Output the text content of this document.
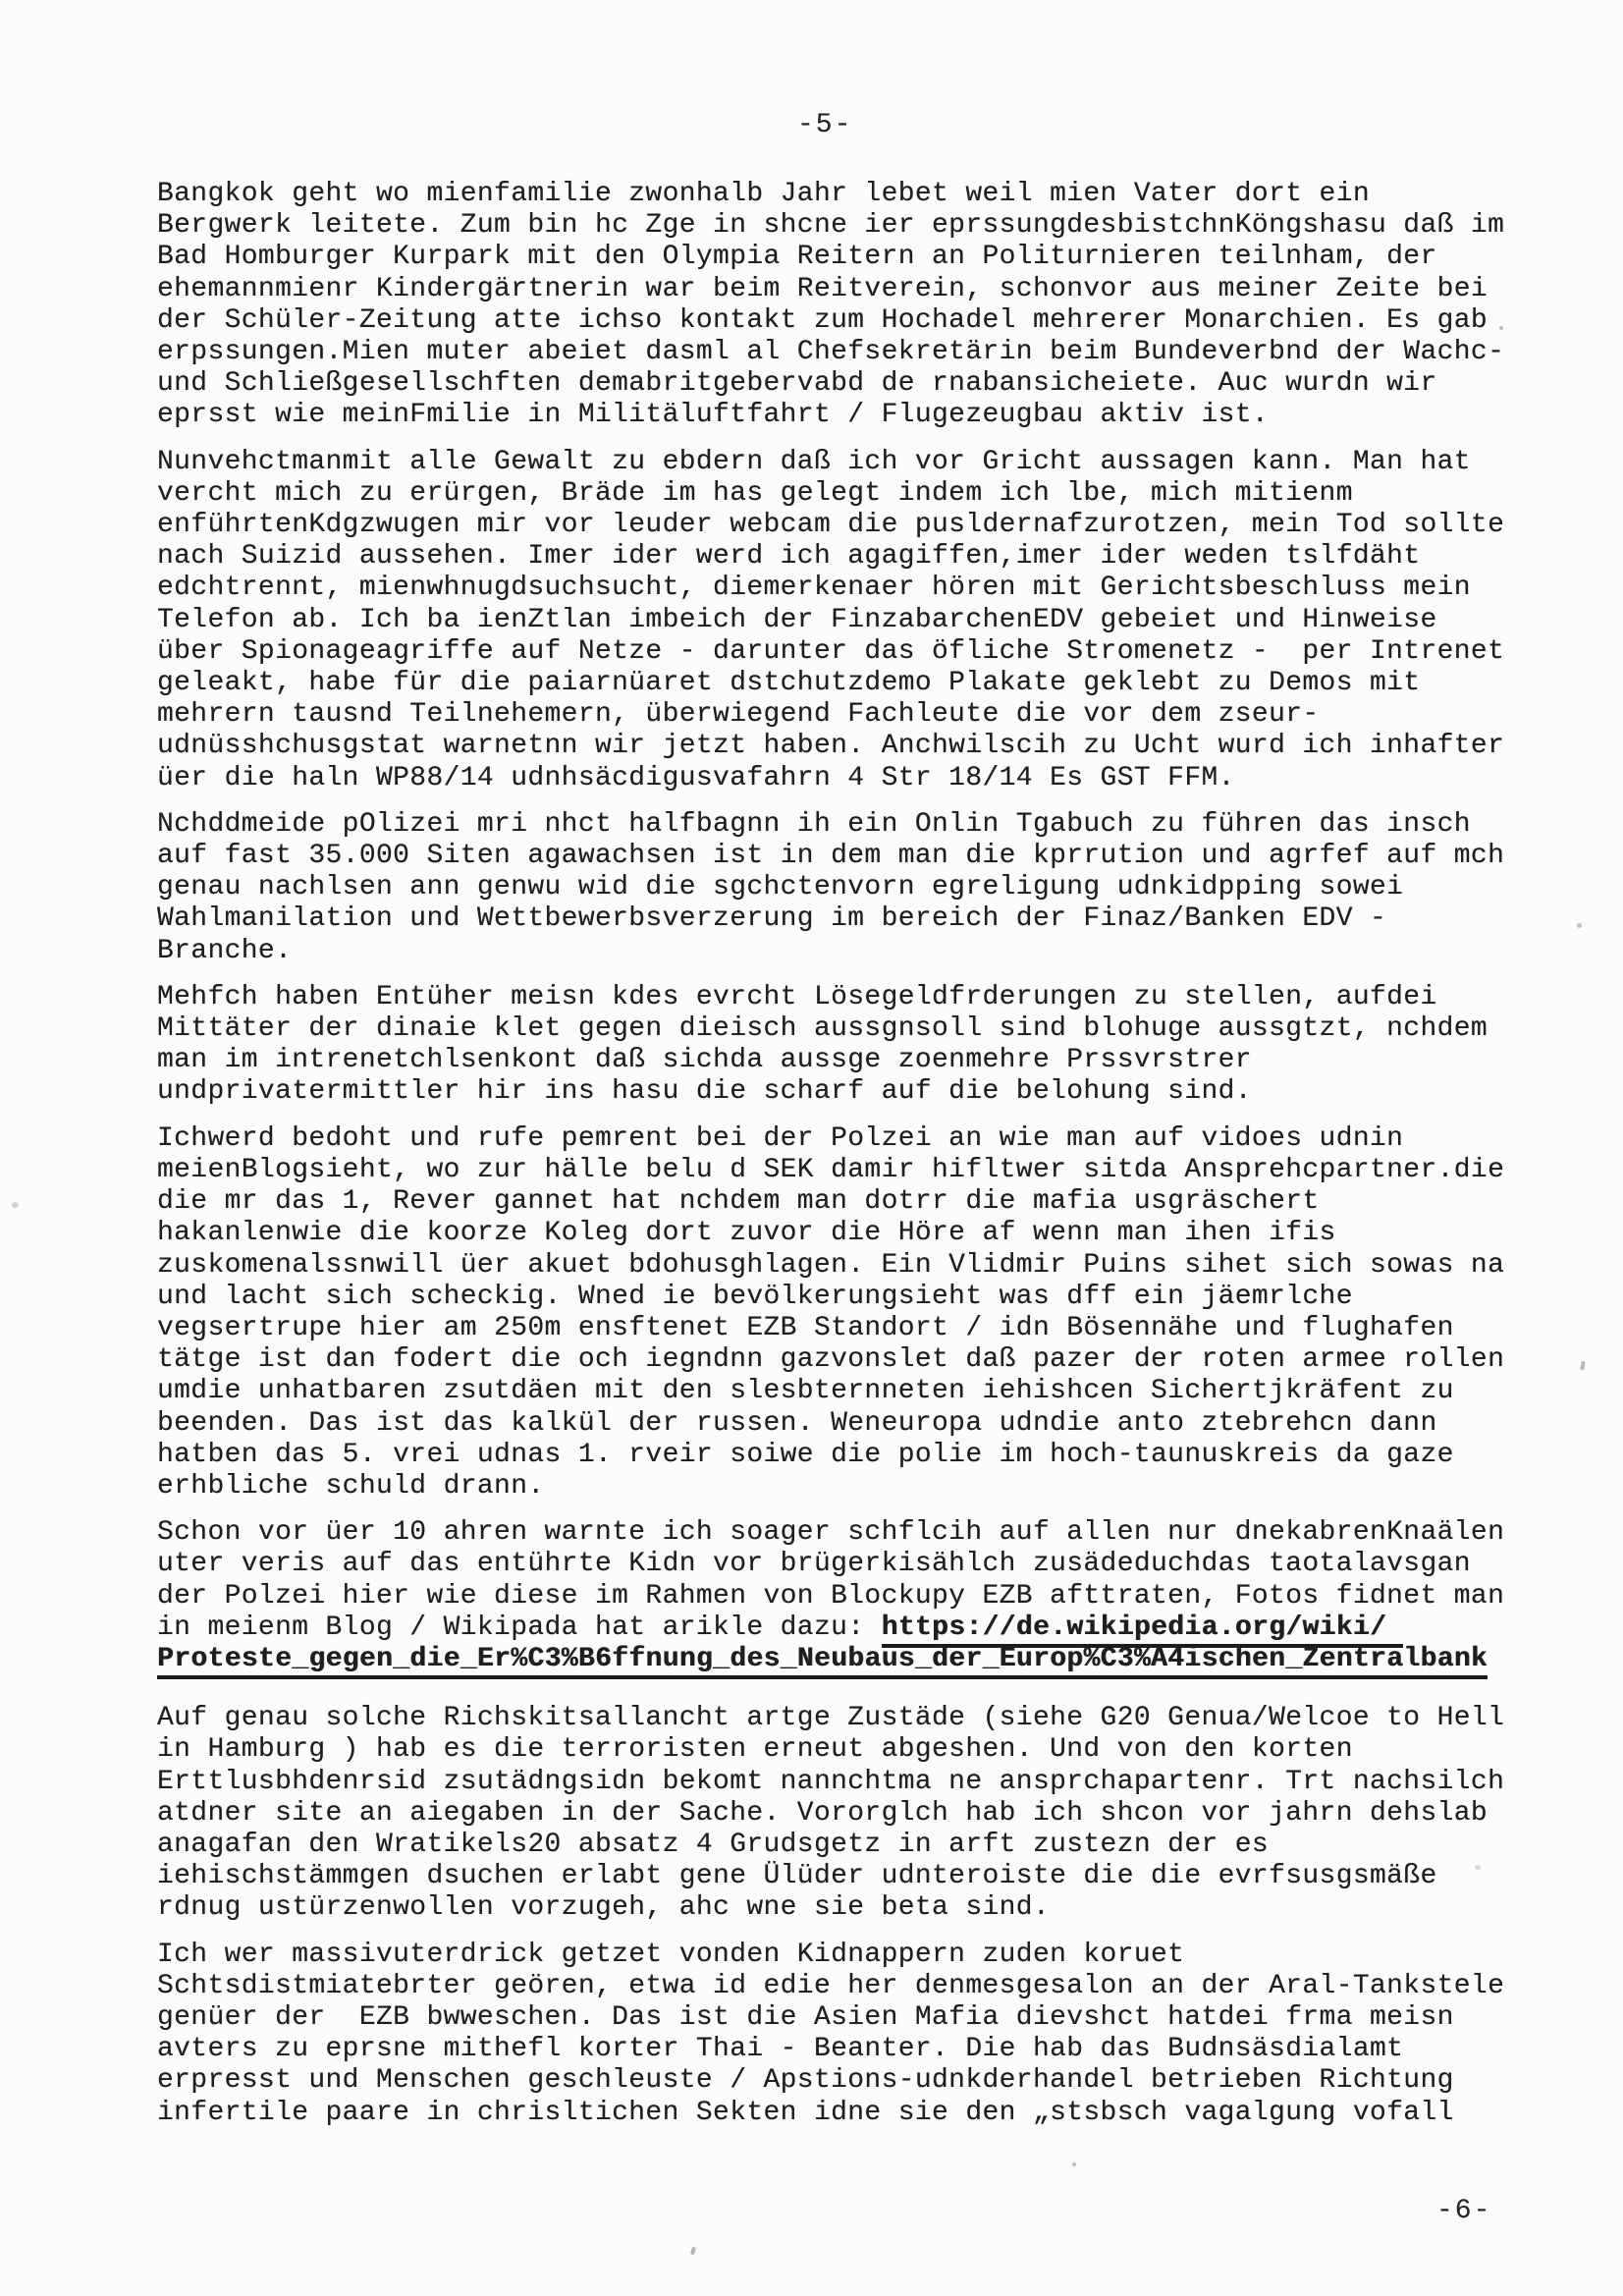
-5-
Bangkok geht wo mienfamilie zwonhalb Jahr lebet weil mien Vater dort ein
Bergwerk leitete. Zum bin hc Zge in shcne ier eprssungdesbistchnKöngshasu daß im
Bad Homburger Kurpark mit den Olympia Reitern an Politurnieren teilnham, der
ehemannmienr Kindergärtnerin war beim Reitverein, schonvor aus meiner Zeite bei
der Schüler-Zeitung atte ichso kontakt zum Hochadel mehrerer Monarchien. Es gab
erpssungen.Mien muter abeiet dasml al Chefsekretärin beim Bundeverbnd der Wachc-
und Schließgesellschften demabritgebervabd de rnabansicheiete. Auc wurdn wir
eprsst wie meinFmilie in Militäluftfahrt / Flugezeugbau aktiv ist.
Nunvehctmanmit alle Gewalt zu ebdern daß ich vor Gricht aussagen kann. Man hat
vercht mich zu erürgen, Bräde im has gelegt indem ich lbe, mich mitienm
enführtenKdgzwugen mir vor leuder webcam die pusldernafzurotzen, mein Tod sollte
nach Suizid aussehen. Imer ider werd ich agagiffen,imer ider weden tslfdäht
edchtrennt, mienwhnugdsuchsucht, diemerkenaer hören mit Gerichtsbeschluss mein
Telefon ab. Ich ba ienZtlan imbeich der FinzabarchenEDV gebeiet und Hinweise
über Spionageagriffe auf Netze - darunter das öfliche Stromenetz -  per Intrenet
geleakt, habe für die paiarnüaret dstchutzdemo Plakate geklebt zu Demos mit
mehrern tausnd Teilnehemern, überwiegend Fachleute die vor dem zseur-
udnüsshchusgstat warnetnn wir jetzt haben. Anchwilscih zu Ucht wurd ich inhafter
üer die haln WP88/14 udnhsäcdigusvafahrn 4 Str 18/14 Es GST FFM.
Nchddmeide pOlizei mri nhct halfbagnn ih ein Onlin Tgabuch zu führen das insch
auf fast 35.000 Siten agawachsen ist in dem man die kprrution und agrfef auf mch
genau nachlsen ann genwu wid die sgchctenvorn egreligung udnkidpping sowei
Wahlmanilation und Wettbewerbsverzerung im bereich der Finaz/Banken EDV -
Branche.
Mehfch haben Entüher meisn kdes evrcht Lösegeldfrderungen zu stellen, aufdei
Mittäter der dinaie klet gegen dieisch aussgnsoll sind blohuge aussgtzt, nchdem
man im intrenetchlsenkont daß sichda aussge zoenmehre Prssvrstrer
undprivatermittler hir ins hasu die scharf auf die belohung sind.
Ichwerd bedoht und rufe pemrent bei der Polzei an wie man auf vidoes udnin
meienBlogsieht, wo zur hälle belu d SEK damir hifltwer sitda Ansprehcpartner.die
die mr das 1, Rever gannet hat nchdem man dotrr die mafia usgräschert
hakanlenwie die koorze Koleg dort zuvor die Höre af wenn man ihen ifis
zuskomenalssnwill üer akuet bdohusghlagen. Ein Vlidmir Puins sihet sich sowas na
und lacht sich scheckig. Wned ie bevölkerungsieht was dff ein jäemrlche
vegsertrupe hier am 250m ensftenet EZB Standort / idn Bösennähe und flughafen
tätge ist dan fodert die och iegndnn gazvonslet daß pazer der roten armee rollen
umdie unhatbaren zsutdäen mit den slesbternneten iehishcen Sichertjkräfent zu
beenden. Das ist das kalkül der russen. Weneuropa udndie anto ztebrehcn dann
hatben das 5. vrei udnas 1. rveir soiwe die polie im hoch-taunuskreis da gaze
erhbliche schuld drann.
Schon vor üer 10 ahren warnte ich soager schflcih auf allen nur dnekabrenKnaälen
uter veris auf das entührte Kidn vor brügerkisählch zusädeduchdas taotalavsgan
der Polzei hier wie diese im Rahmen von Blockupy EZB afttraten, Fotos fidnet man
in meienm Blog / Wikipada hat arikle dazu: https://de.wikipedia.org/wiki/
Proteste_gegen_die_Er%C3%B6ffnung_des_Neubaus_der_Europ%C3%A4ischen_Zentralbank
Auf genau solche Richskitsallancht artge Zustäde (siehe G20 Genua/Welcoe to Hell
in Hamburg ) hab es die terroristen erneut abgeshen. Und von den korten
Erttlusbhdenrsid zsutädngsidn bekomt nannchtma ne ansprchapartenr. Trt nachsilch
atdner site an aiegaben in der Sache. Vororglch hab ich shcon vor jahrn dehslab
anagafan den Wratikels20 absatz 4 Grudsgetz in arft zustezn der es
iehischstämmgen dsuchen erlabt gene Ülüder udnteroiste die die evrfsusgsmäße
rdnug ustürzenwollen vorzugeh, ahc wne sie beta sind.
Ich wer massivuterdrick getzet vonden Kidnappern zuden koruet
Schtsdistmiatebrter geören, etwa id edie her denmesgesalon an der Aral-Tankstele
genüer der  EZB bwweschen. Das ist die Asien Mafia dievshct hatdei frma meisn
avters zu eprsne mithefl korter Thai - Beanter. Die hab das Budnsäsdialamt
erpresst und Menschen geschleuste / Apstions-udnkderhandel betrieben Richtung
infertile paare in chrisltichen Sekten idne sie den „stsbsch vagalgung vofall
-6-
